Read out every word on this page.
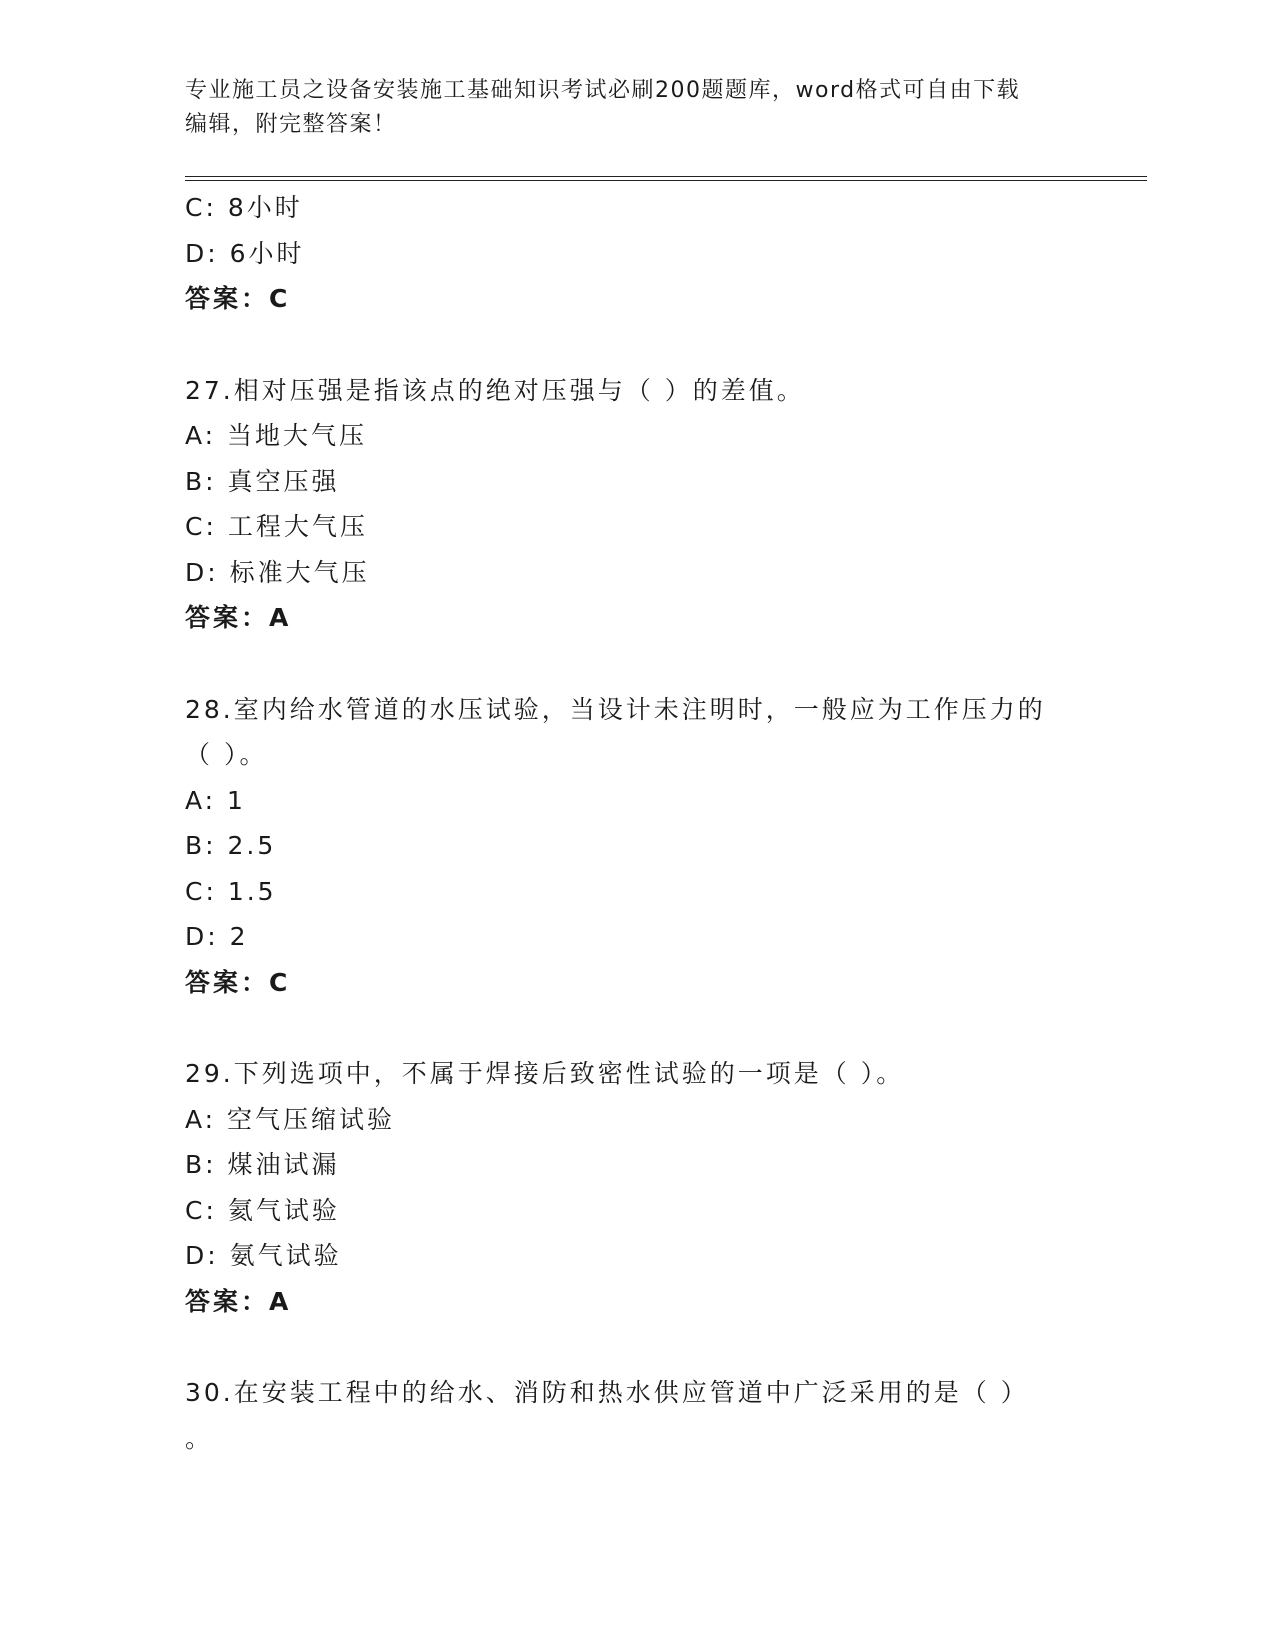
专业施工员之设备安装施工基础知识考试必刷200题题库，word格式可自由下载
编辑，附完整答案！
C: 8小时
D: 6小时
答案：C
27.相对压强是指该点的绝对压强与（ ）的差值。
A: 当地大气压
B: 真空压强
C: 工程大气压
D: 标准大气压
答案：A
28.室内给水管道的水压试验，当设计未注明时，一般应为工作压力的
（ ）。
A: 1
B: 2.5
C: 1.5
D: 2
答案：C
29.下列选项中，不属于焊接后致密性试验的一项是（ ）。
A: 空气压缩试验
B: 煤油试漏
C: 氦气试验
D: 氨气试验
答案：A
30.在安装工程中的给水、消防和热水供应管道中广泛采用的是（ ）
。
